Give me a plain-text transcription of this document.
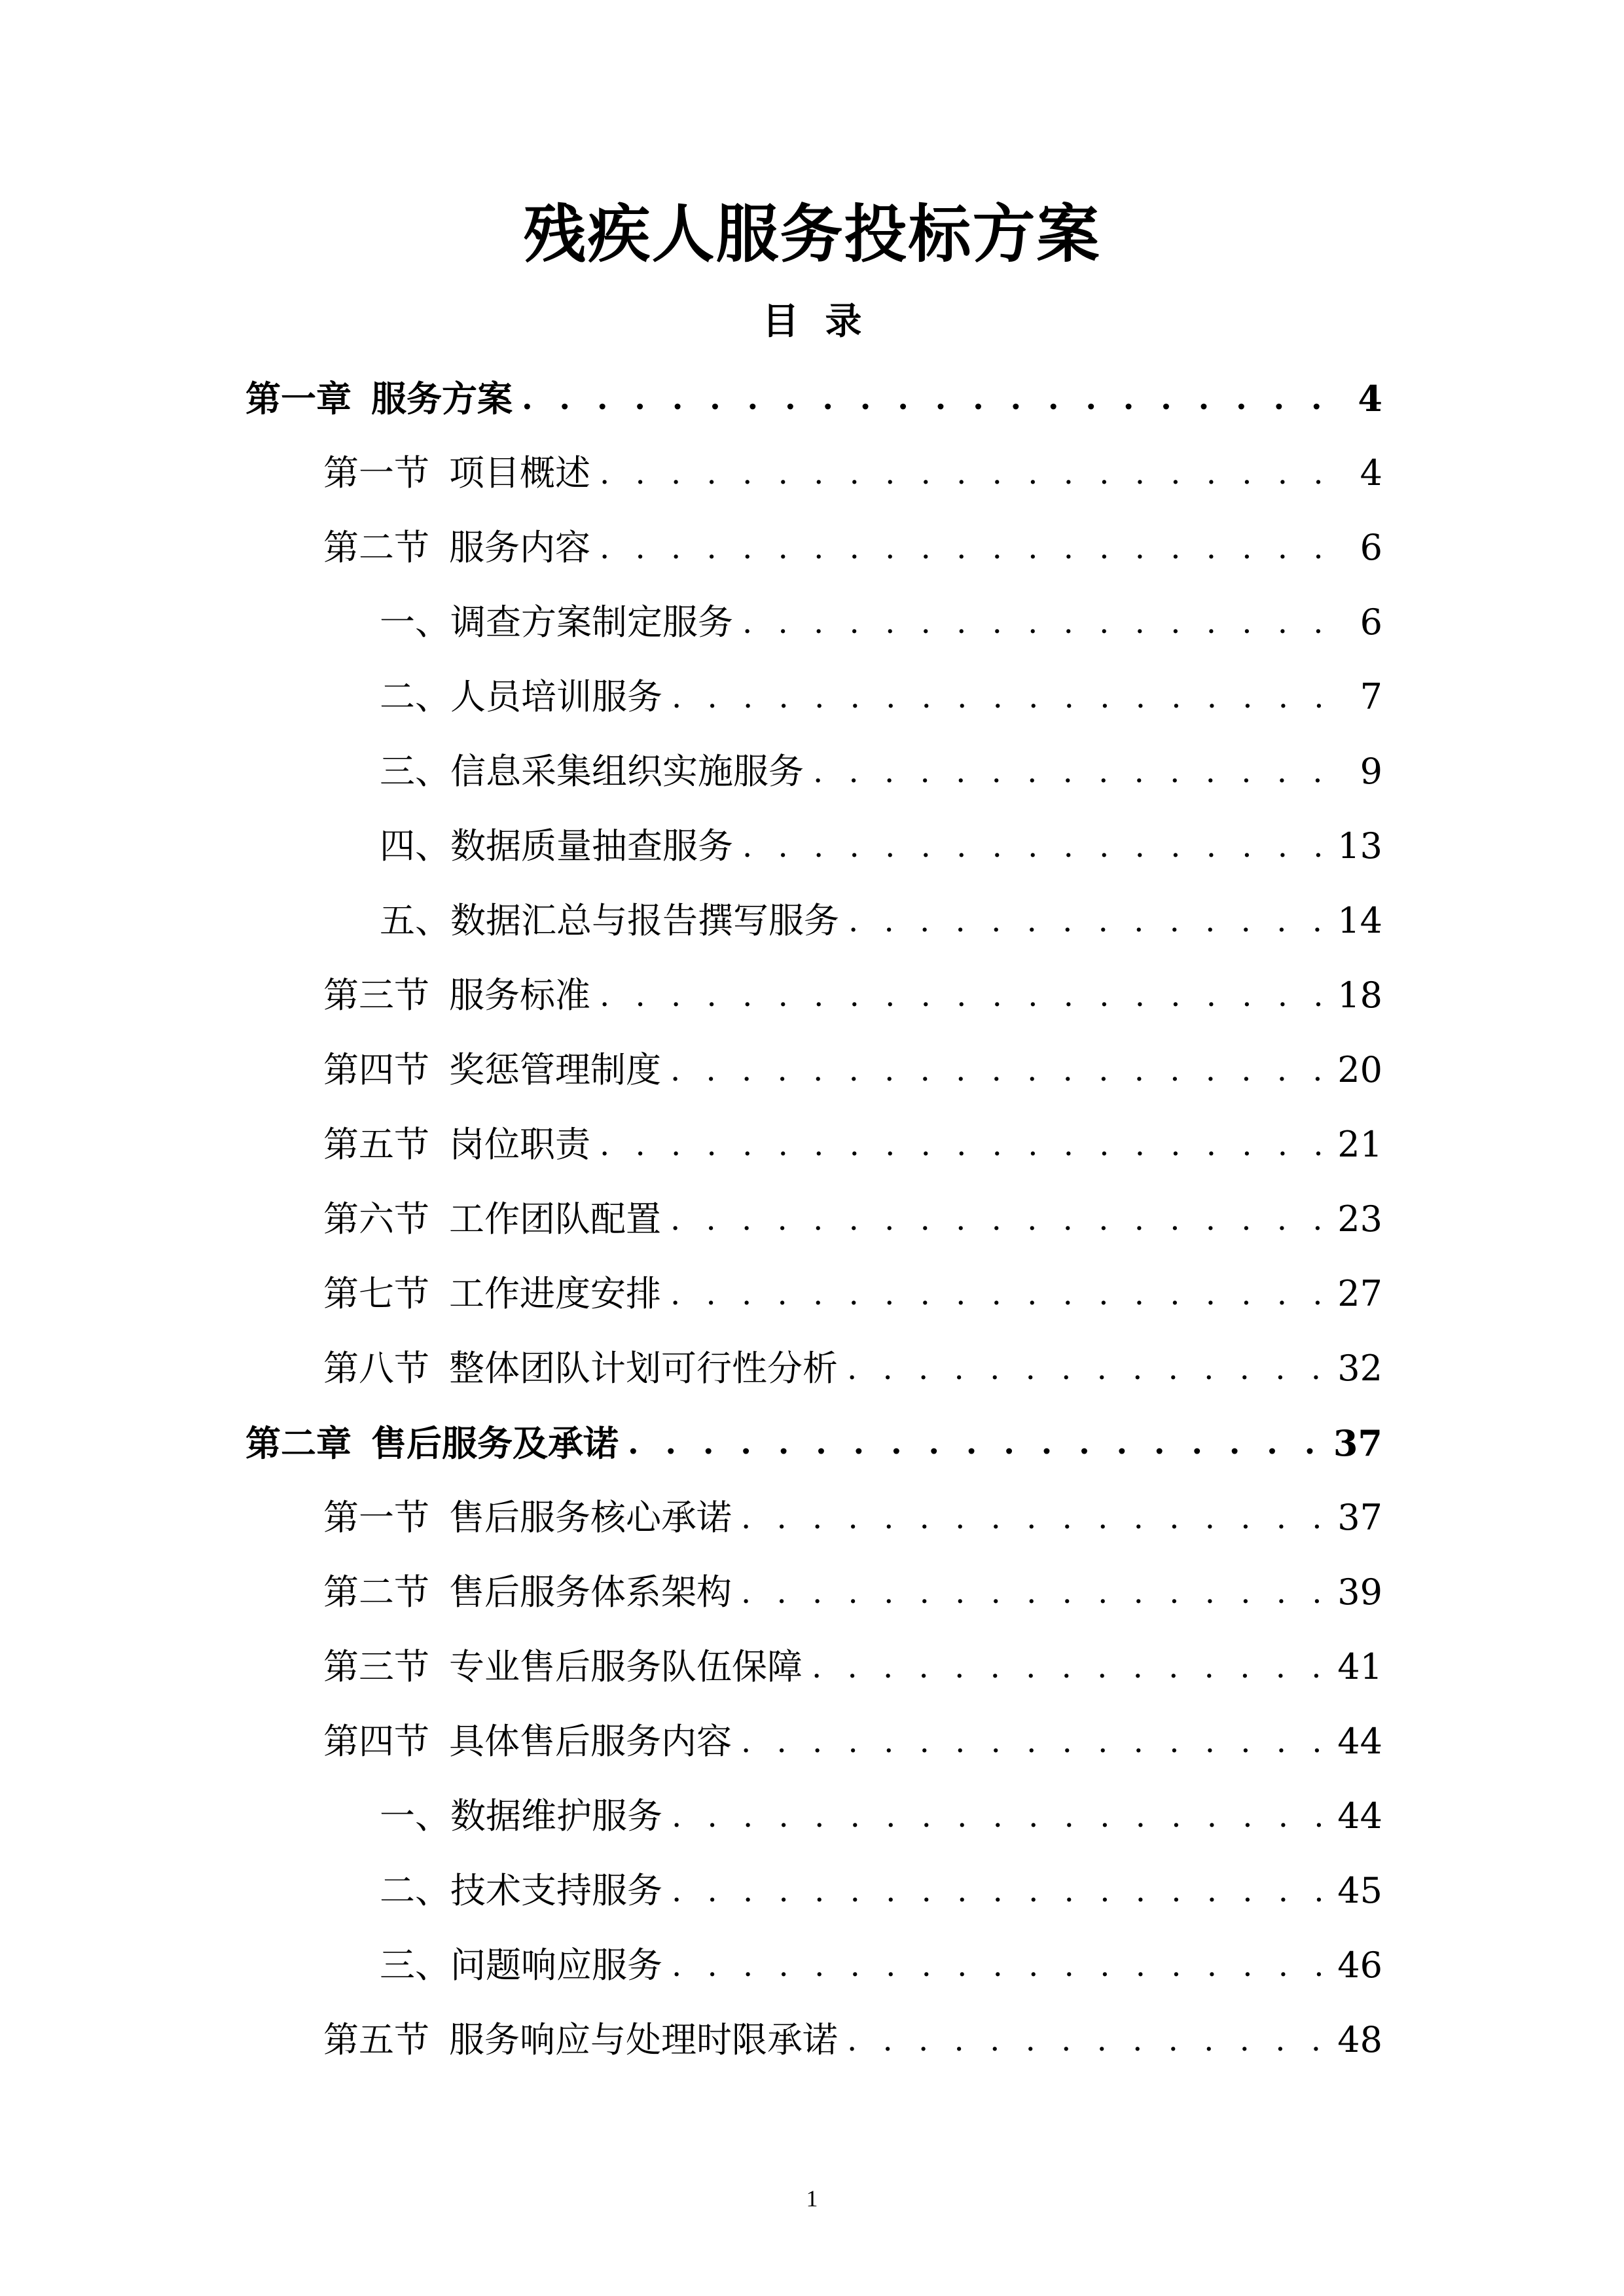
残疾人服务投标方案
目录
第一章 服务方案 . . .	4
第一节 项目概述 . . .	4
第二节 服务内容 . . .	6
一、 调查方案制定服务 . . .	6
二、 人员培训服务 . . .	7
三、 信息采集组织实施服务 . . .	9
四、 数据质量抽查服务 . . .	13
五、 数据汇总与报告撰写服务 . . .	14
第三节 服务标准 . . .	18
第四节 奖惩管理制度 . . .	20
第五节 岗位职责 . . .	21
第六节 工作团队配置 . . .	23
第七节 工作进度安排 . . .	27
第八节 整体团队计划可行性分析 . . .	32
第二章 售后服务及承诺 . . .	37
第一节 售后服务核心承诺 . . .	37
第二节 售后服务体系架构 . . .	39
第三节 专业售后服务队伍保障 . . .	41
第四节 具体售后服务内容 . . .	44
一、 数据维护服务 . . .	44
二、 技术支持服务 . . .	45
三、 问题响应服务 . . .	46
第五节 服务响应与处理时限承诺 . . .	48
1
